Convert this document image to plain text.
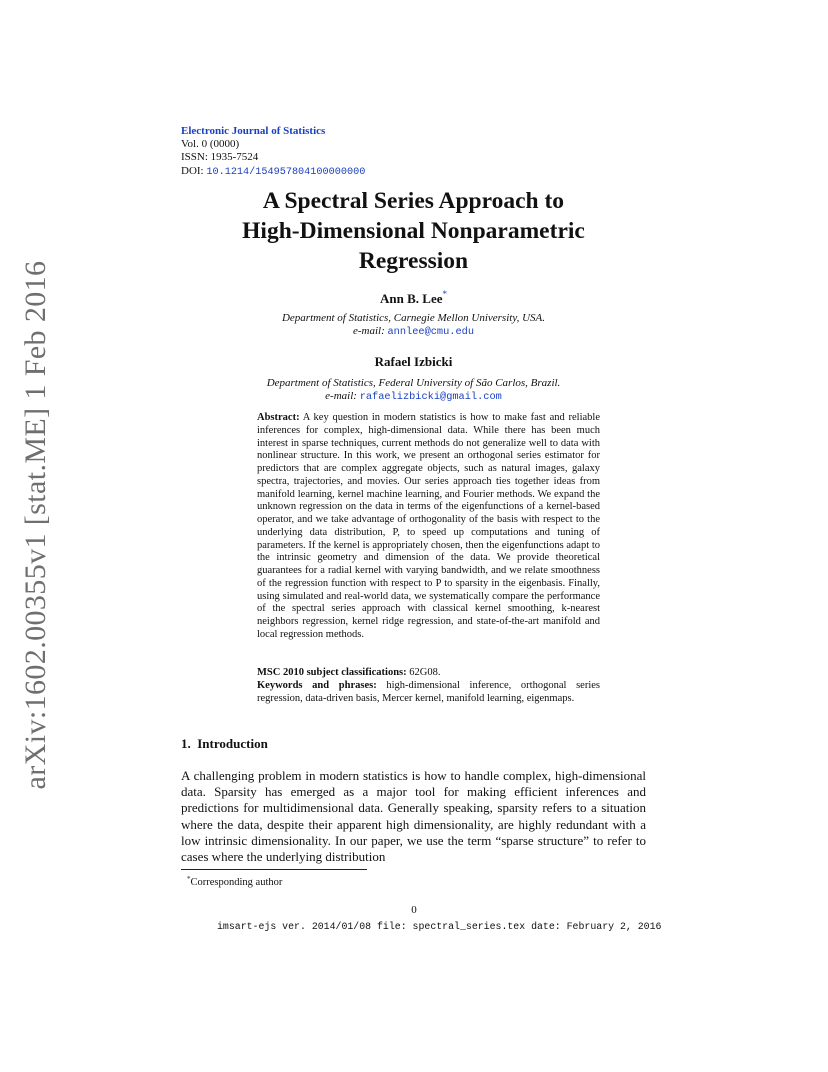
arXiv:1602.00355v1 [stat.ME] 1 Feb 2016
Electronic Journal of Statistics
Vol. 0 (0000)
ISSN: 1935-7524
DOI: 10.1214/154957804100000000
A Spectral Series Approach to
High-Dimensional Nonparametric
Regression
Ann B. Lee*
Department of Statistics, Carnegie Mellon University, USA.
e-mail: annlee@cmu.edu
Rafael Izbicki
Department of Statistics, Federal University of São Carlos, Brazil.
e-mail: rafaelizbicki@gmail.com
Abstract: A key question in modern statistics is how to make fast and reliable inferences for complex, high-dimensional data. While there has been much interest in sparse techniques, current methods do not generalize well to data with nonlinear structure. In this work, we present an orthogonal series estimator for predictors that are complex aggregate objects, such as natural images, galaxy spectra, trajectories, and movies. Our series approach ties together ideas from manifold learning, kernel machine learning, and Fourier methods. We expand the unknown regression on the data in terms of the eigenfunctions of a kernel-based operator, and we take advantage of orthogonality of the basis with respect to the underlying data distribution, P, to speed up computations and tuning of parameters. If the kernel is appropriately chosen, then the eigenfunctions adapt to the intrinsic geometry and dimension of the data. We provide theoretical guarantees for a radial kernel with varying bandwidth, and we relate smoothness of the regression function with respect to P to sparsity in the eigenbasis. Finally, using simulated and real-world data, we systematically compare the performance of the spectral series approach with classical kernel smoothing, k-nearest neighbors regression, kernel ridge regression, and state-of-the-art manifold and local regression methods.
MSC 2010 subject classifications: 62G08.
Keywords and phrases: high-dimensional inference, orthogonal series regression, data-driven basis, Mercer kernel, manifold learning, eigenmaps.
1. Introduction
A challenging problem in modern statistics is how to handle complex, high-dimensional data. Sparsity has emerged as a major tool for making efficient inferences and predictions for multidimensional data. Generally speaking, sparsity refers to a situation where the data, despite their apparent high dimensionality, are highly redundant with a low intrinsic dimensionality. In our paper, we use the term “sparse structure” to refer to cases where the underlying distribution
*Corresponding author
0
imsart-ejs ver. 2014/01/08 file: spectral_series.tex date: February 2, 2016
